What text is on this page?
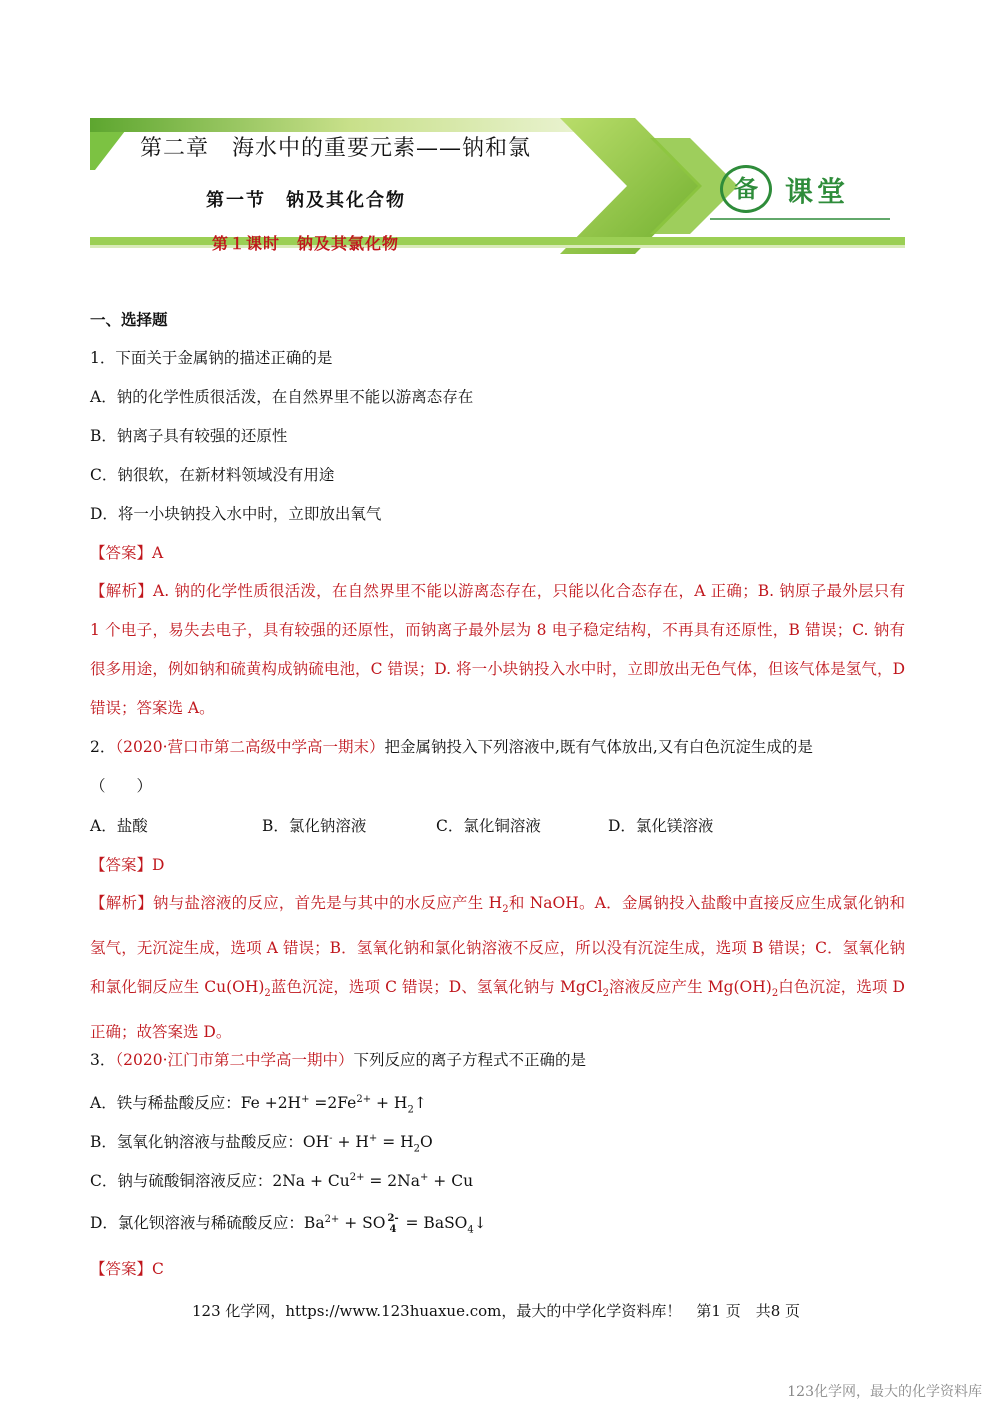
第二章　海水中的重要元素——钠和氯
第一节　钠及其化合物
第１课时　钠及其氯化物
备 课堂
一、选择题
1．下面关于金属钠的描述正确的是
A．钠的化学性质很活泼，在自然界里不能以游离态存在
B．钠离子具有较强的还原性
C．钠很软，在新材料领域没有用途
D．将一小块钠投入水中时，立即放出氧气
【答案】A
【解析】A. 钠的化学性质很活泼，在自然界里不能以游离态存在，只能以化合态存在，A 正确；B. 钠原子最外层只有 1 个电子，易失去电子，具有较强的还原性，而钠离子最外层为 8 电子稳定结构，不再具有还原性，B 错误；C. 钠有很多用途，例如钠和硫黄构成钠硫电池，C 错误；D. 将一小块钠投入水中时，立即放出无色气体，但该气体是氢气，D 错误；答案选 A。
2．（2020·营口市第二高级中学高一期末）把金属钠投入下列溶液中,既有气体放出,又有白色沉淀生成的是
（　　）
A．盐酸	B．氯化钠溶液	C．氯化铜溶液	D．氯化镁溶液
【答案】D
【解析】钠与盐溶液的反应，首先是与其中的水反应产生 $H_2$和 NaOH。A．金属钠投入盐酸中直接反应生成氯化钠和氢气，无沉淀生成，选项 A 错误；B．氢氧化钠和氯化钠溶液不反应，所以没有沉淀生成，选项 B 错误；C．氢氧化钠和氯化铜反应生 $Cu(OH)_2$蓝色沉淀，选项 C 错误；D、氢氧化钠与 MgCl$_2$溶液反应产生 $Mg(OH)_2$白色沉淀，选项 D 正确；故答案选 D。
3．（2020·江门市第二中学高一期中）下列反应的离子方程式不正确的是
A．铁与稀盐酸反应：$Fe +2H^+ =2Fe^{2+}$ + $H_2↑$
B．氢氧化钠溶液与盐酸反应：$OH^- + H^+ = H_2O$
C．钠与硫酸铜溶液反应：$2Na + Cu^{2+} = 2Na^+ + Cu$
D．氯化钡溶液与稀硫酸反应：$Ba^{2+}$ + SO 2-
4 = BaSO$_4$↓
【答案】C
123 化学网，https://www.123huaxue.com，最大的中学化学资料库！　第1 页　共8 页
123化学网，最大的化学资料库
